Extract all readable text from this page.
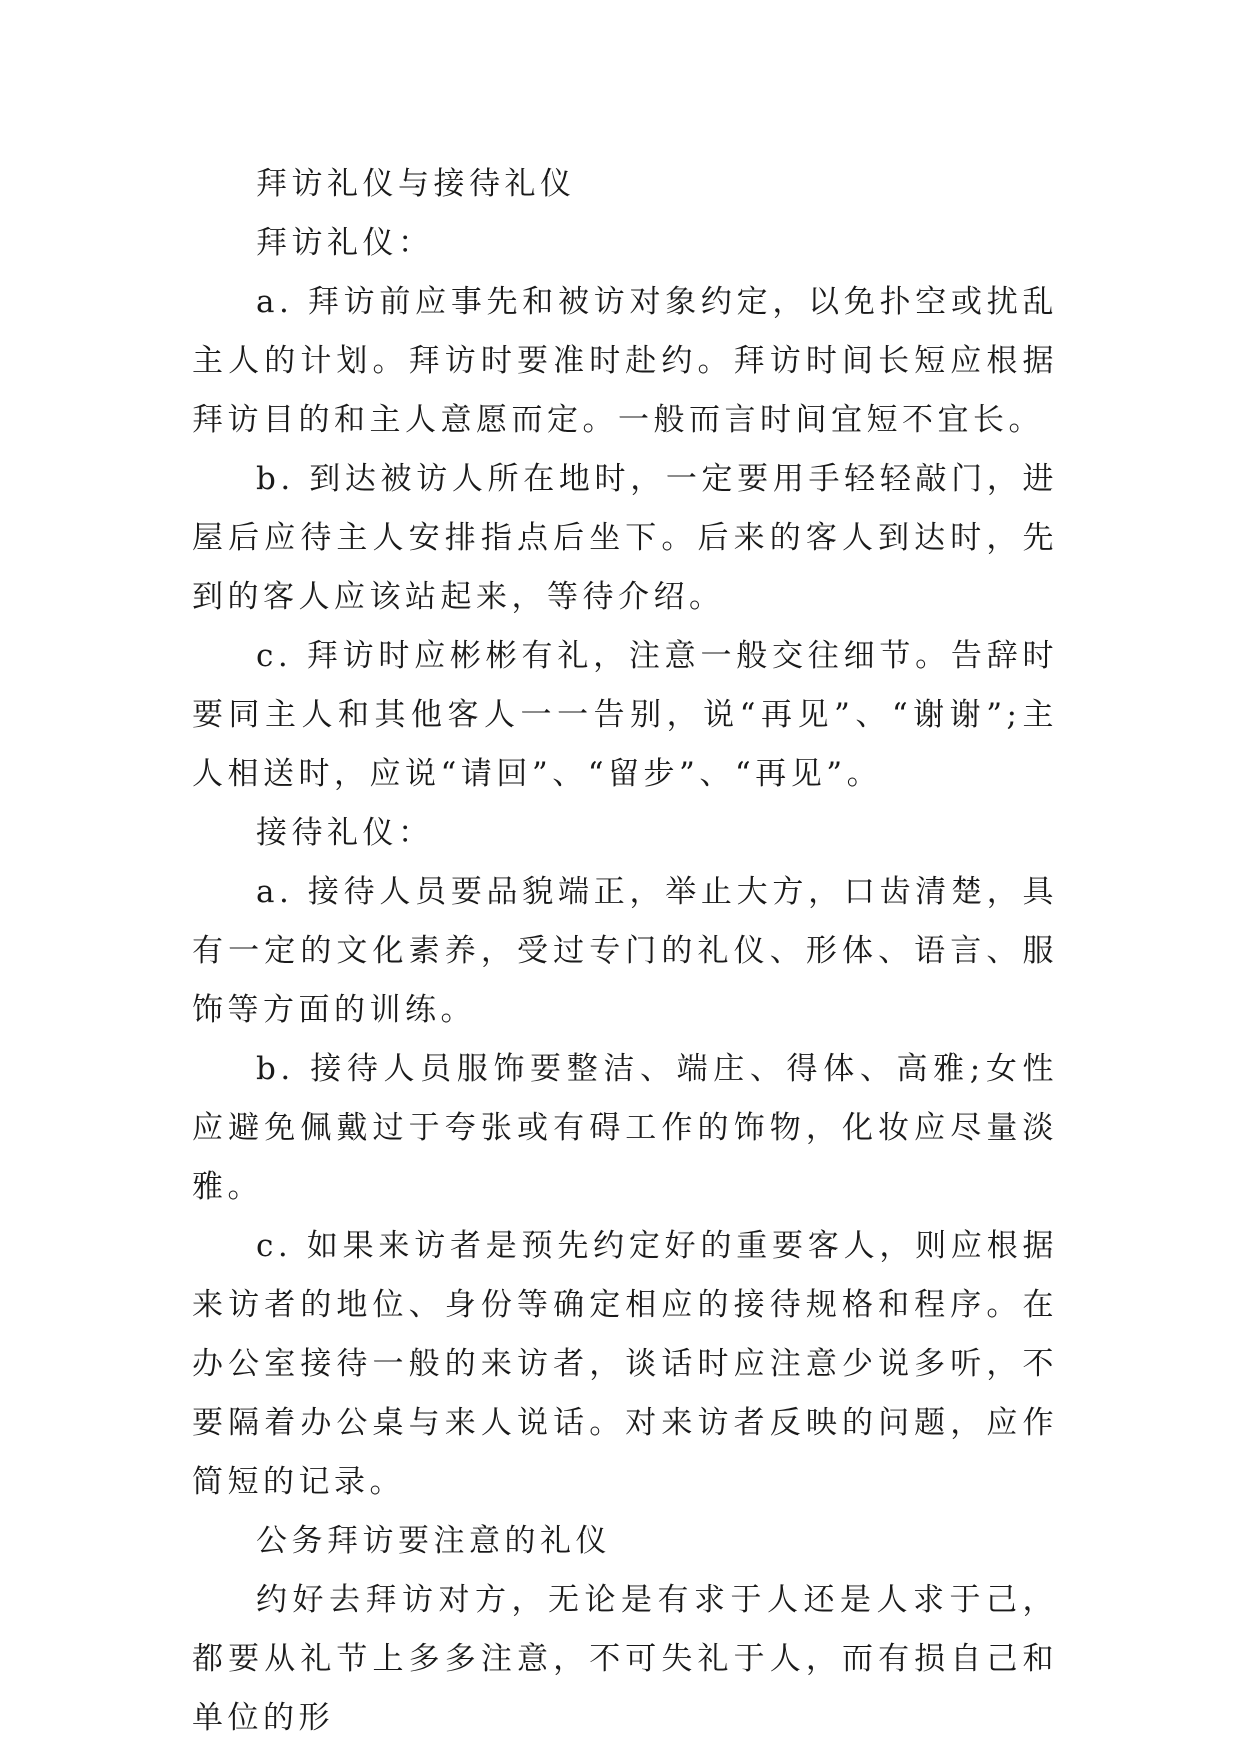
拜访礼仪与接待礼仪

拜访礼仪：

a. 拜访前应事先和被访对象约定，以免扑空或扰乱主人的计划。拜访时要准时赴约。拜访时间长短应根据拜访目的和主人意愿而定。一般而言时间宜短不宜长。

b. 到达被访人所在地时，一定要用手轻轻敲门，进屋后应待主人安排指点后坐下。后来的客人到达时，先到的客人应该站起来，等待介绍。

c. 拜访时应彬彬有礼，注意一般交往细节。告辞时要同主人和其他客人一一告别，说“再见”、“谢谢”;主人相送时，应说“请回”、“留步”、“再见”。

接待礼仪：

a. 接待人员要品貌端正，举止大方，口齿清楚，具有一定的文化素养，受过专门的礼仪、形体、语言、服饰等方面的训练。

b. 接待人员服饰要整洁、端庄、得体、高雅;女性应避免佩戴过于夸张或有碍工作的饰物，化妆应尽量淡雅。

c. 如果来访者是预先约定好的重要客人，则应根据来访者的地位、身份等确定相应的接待规格和程序。在办公室接待一般的来访者，谈话时应注意少说多听，不要隔着办公桌与来人说话。对来访者反映的问题，应作简短的记录。

公务拜访要注意的礼仪

约好去拜访对方，无论是有求于人还是人求于己，都要从礼节上多多注意，不可失礼于人，而有损自己和单位的形
